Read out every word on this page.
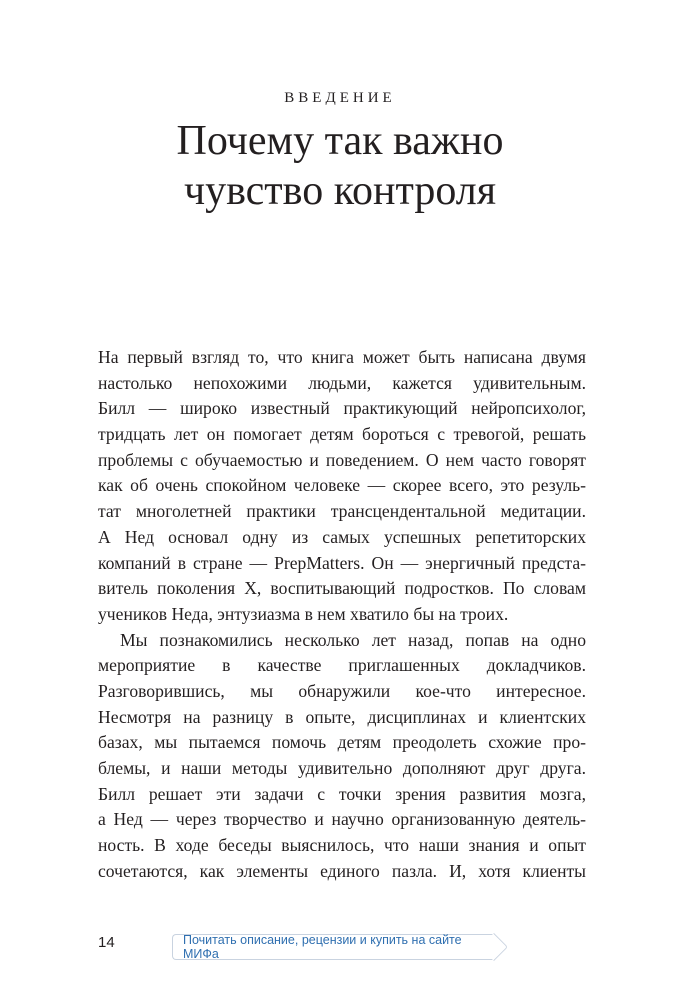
ВВЕДЕНИЕ
Почему так важно
чувство контроля
На первый взгляд то, что книга может быть написана двумя
настолько непохожими людьми, кажется удивительным.
Билл — широко известный практикующий нейропсихолог,
тридцать лет он помогает детям бороться с тревогой, решать
проблемы с обучаемостью и поведением. О нем часто говорят
как об очень спокойном человеке — скорее всего, это резуль-
тат многолетней практики трансцендентальной медитации.
А Нед основал одну из самых успешных репетиторских
компаний в стране — PrepMatters. Он — энергичный предста-
витель поколения Х, воспитывающий подростков. По словам
учеников Неда, энтузиазма в нем хватило бы на троих.
Мы познакомились несколько лет назад, попав на одно
мероприятие в качестве приглашенных докладчиков.
Разговорившись, мы обнаружили кое-что интересное.
Несмотря на разницу в опыте, дисциплинах и клиентских
базах, мы пытаемся помочь детям преодолеть схожие про-
блемы, и наши методы удивительно дополняют друг друга.
Билл решает эти задачи с точки зрения развития мозга,
а Нед — через творчество и научно организованную деятель-
ность. В ходе беседы выяснилось, что наши знания и опыт
сочетаются, как элементы единого пазла. И, хотя клиенты
14	Почитать описание, рецензии и купить на сайте МИФа
